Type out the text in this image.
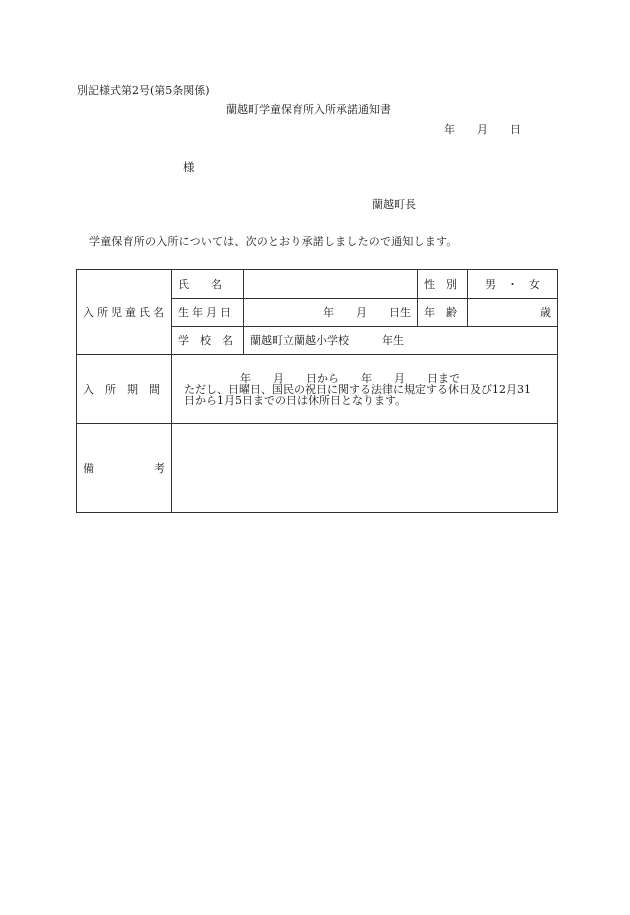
別記様式第2号(第5条関係)
蘭越町学童保育所入所承諾通知書
年　　月　　日
様
蘭越町長
学童保育所の入所については、次のとおり承諾しましたので通知します。
入所児童氏名	氏　　名		性　別	男　・　女
	生年月日	年　　月　　日生	年　齢	歳
	学　校　名	蘭越町立蘭越小学校　　　年生		
入　所　期　間	年　　月　　日から　　年　　月　　日まで
ただし、日曜日、国民の祝日に関する法律に規定する休日及び12月31
日から1月5日までの日は休所日となります。			

備 考				
